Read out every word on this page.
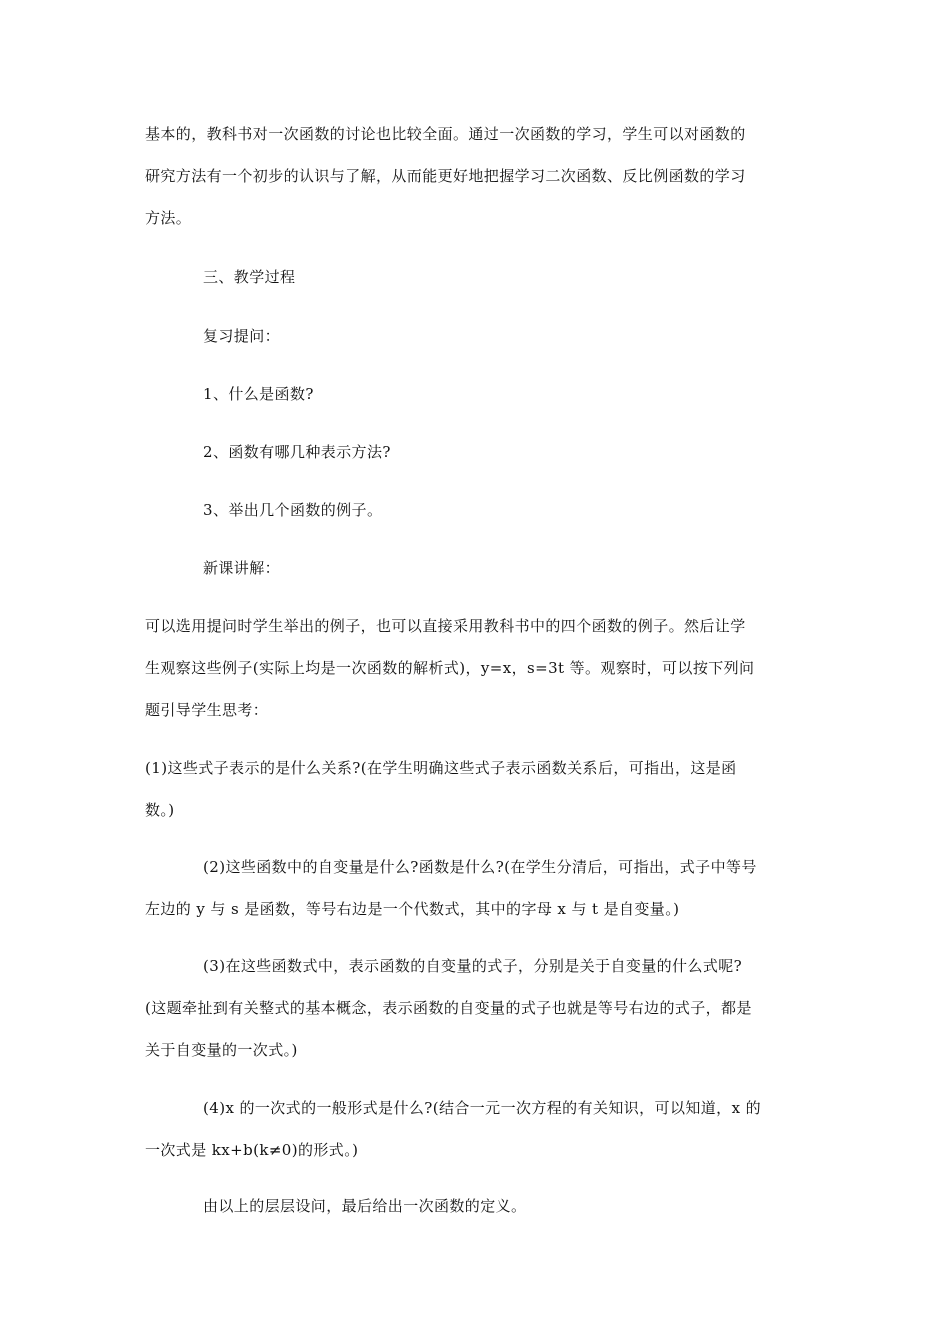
基本的，教科书对一次函数的讨论也比较全面。通过一次函数的学习，学生可以对函数的
研究方法有一个初步的认识与了解，从而能更好地把握学习二次函数、反比例函数的学习
方法。

三、教学过程

复习提问：

1、什么是函数?

2、函数有哪几种表示方法?

3、举出几个函数的例子。

新课讲解：

可以选用提问时学生举出的例子，也可以直接采用教科书中的四个函数的例子。然后让学
生观察这些例子(实际上均是一次函数的解析式)，y=x，s=3t 等。观察时，可以按下列问
题引导学生思考：

(1)这些式子表示的是什么关系?(在学生明确这些式子表示函数关系后，可指出，这是函
数。)

(2)这些函数中的自变量是什么?函数是什么?(在学生分清后，可指出，式子中等号
左边的 y 与 s 是函数，等号右边是一个代数式，其中的字母 x 与 t 是自变量。)

(3)在这些函数式中，表示函数的自变量的式子，分别是关于自变量的什么式呢?
(这题牵扯到有关整式的基本概念，表示函数的自变量的式子也就是等号右边的式子，都是
关于自变量的一次式。)

(4)x 的一次式的一般形式是什么?(结合一元一次方程的有关知识，可以知道，x 的
一次式是 kx+b(k≠0)的形式。)

由以上的层层设问，最后给出一次函数的定义。
